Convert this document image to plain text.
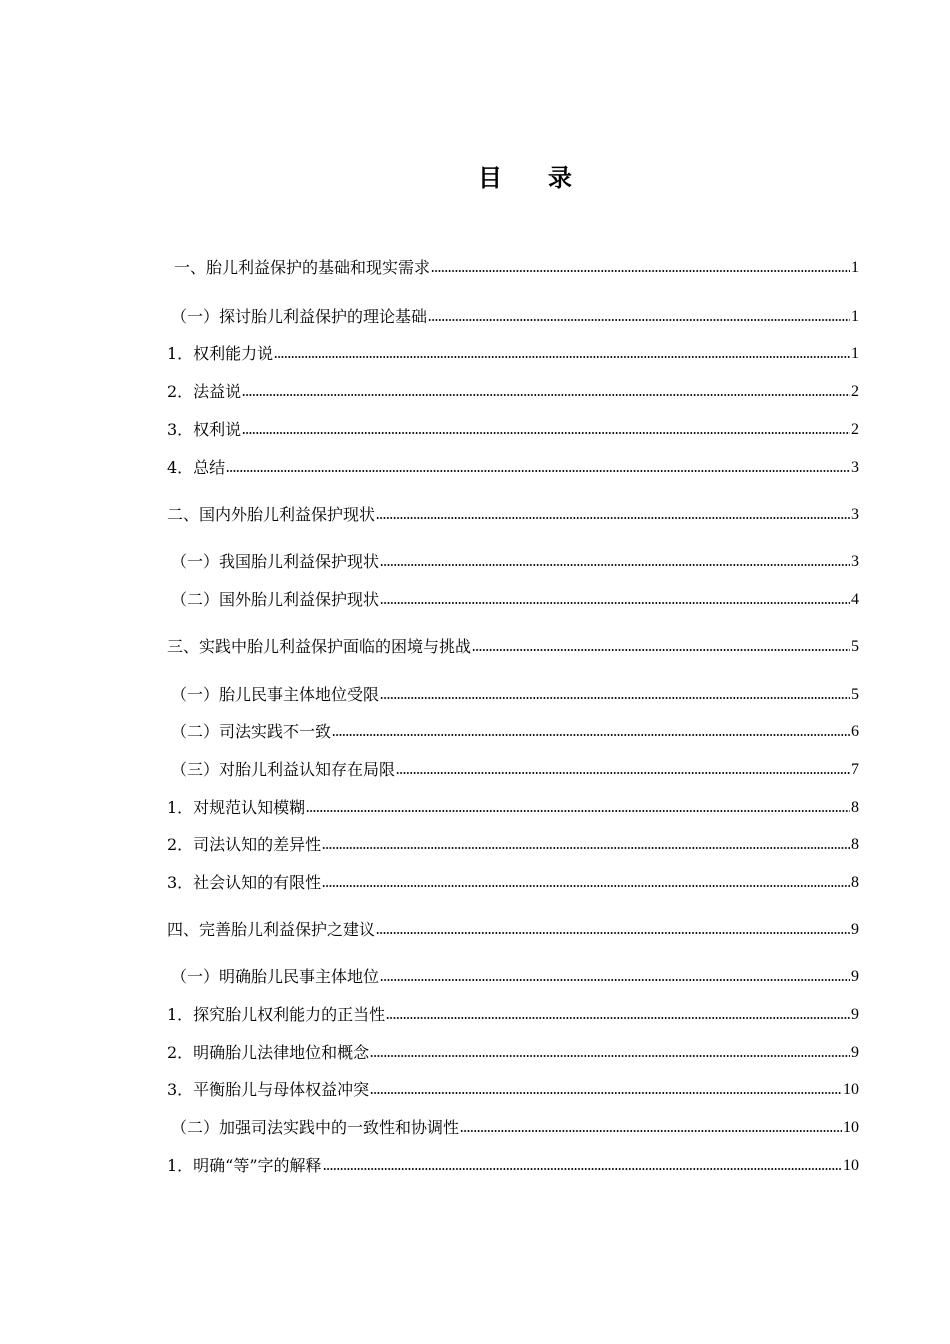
目 录
一、胎儿利益保护的基础和现实需求	1
（一）探讨胎儿利益保护的理论基础	1
1．权利能力说	1
2．法益说	2
3．权利说	2
4．总结	3
二、国内外胎儿利益保护现状	3
（一）我国胎儿利益保护现状	3
（二）国外胎儿利益保护现状	4
三、实践中胎儿利益保护面临的困境与挑战	5
（一）胎儿民事主体地位受限	5
（二）司法实践不一致	6
（三）对胎儿利益认知存在局限	7
1．对规范认知模糊	8
2．司法认知的差异性	8
3．社会认知的有限性	8
四、完善胎儿利益保护之建议	9
（一）明确胎儿民事主体地位	9
1．探究胎儿权利能力的正当性	9
2．明确胎儿法律地位和概念	9
3．平衡胎儿与母体权益冲突	10
（二）加强司法实践中的一致性和协调性	10
1．明确“等”字的解释	10
